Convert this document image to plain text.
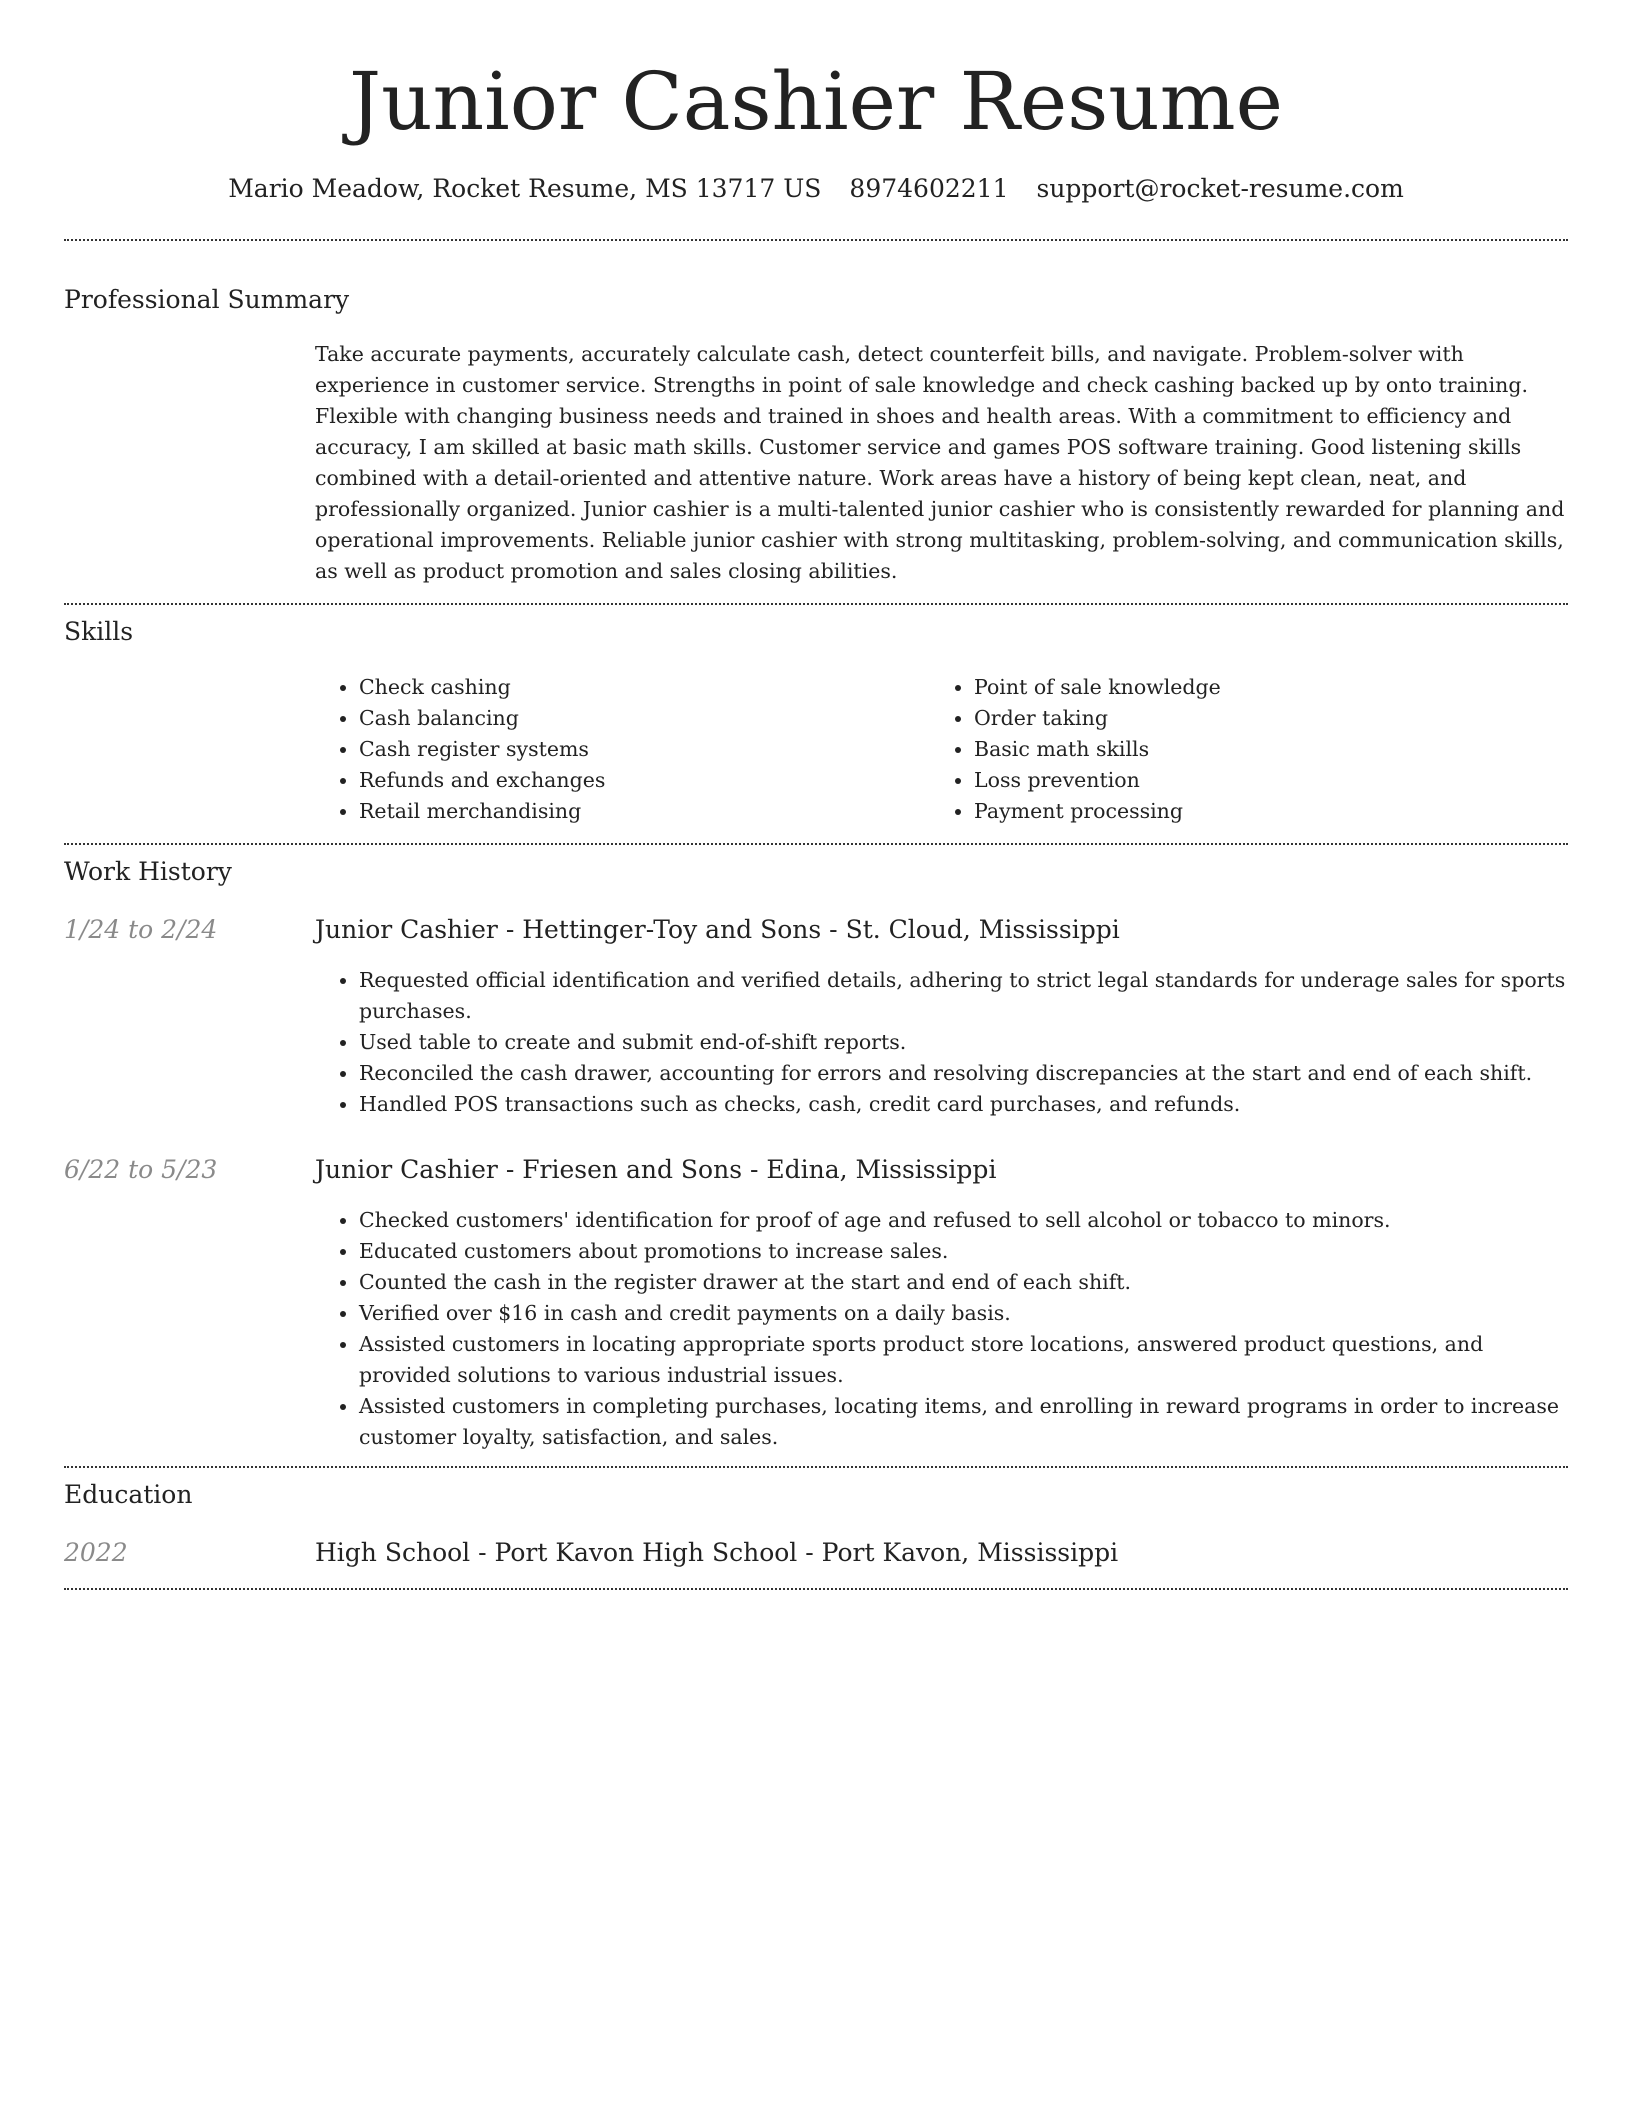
Junior Cashier Resume
Mario Meadow, Rocket Resume, MS 13717 US 8974602211 support@rocket-resume.com
Professional Summary

Take accurate payments, accurately calculate cash, detect counterfeit bills, and navigate. Problem-solver with experience in customer service. Strengths in point of sale knowledge and check cashing backed up by onto training. Flexible with changing business needs and trained in shoes and health areas. With a commitment to efficiency and accuracy, I am skilled at basic math skills. Customer service and games POS software training. Good listening skills combined with a detail-oriented and attentive nature. Work areas have a history of being kept clean, neat, and professionally organized. Junior cashier is a multi-talented junior cashier who is consistently rewarded for planning and operational improvements. Reliable junior cashier with strong multitasking, problem-solving, and communication skills, as well as product promotion and sales closing abilities.

Skills
• Check cashing
• Cash balancing
• Cash register systems
• Refunds and exchanges
• Retail merchandising
• Point of sale knowledge
• Order taking
• Basic math skills
• Loss prevention
• Payment processing
Work History
1/24 to 2/24	Junior Cashier - Hettinger-Toy and Sons - St. Cloud, Mississippi
• Requested official identification and verified details, adhering to strict legal standards for underage sales for sports purchases.
• Used table to create and submit end-of-shift reports.
• Reconciled the cash drawer, accounting for errors and resolving discrepancies at the start and end of each shift.
• Handled POS transactions such as checks, cash, credit card purchases, and refunds.
6/22 to 5/23	Junior Cashier - Friesen and Sons - Edina, Mississippi
• Checked customers' identification for proof of age and refused to sell alcohol or tobacco to minors.
• Educated customers about promotions to increase sales.
• Counted the cash in the register drawer at the start and end of each shift.
• Verified over $16 in cash and credit payments on a daily basis.
• Assisted customers in locating appropriate sports product store locations, answered product questions, and provided solutions to various industrial issues.
• Assisted customers in completing purchases, locating items, and enrolling in reward programs in order to increase customer loyalty, satisfaction, and sales.
Education
2022	High School - Port Kavon High School - Port Kavon, Mississippi
